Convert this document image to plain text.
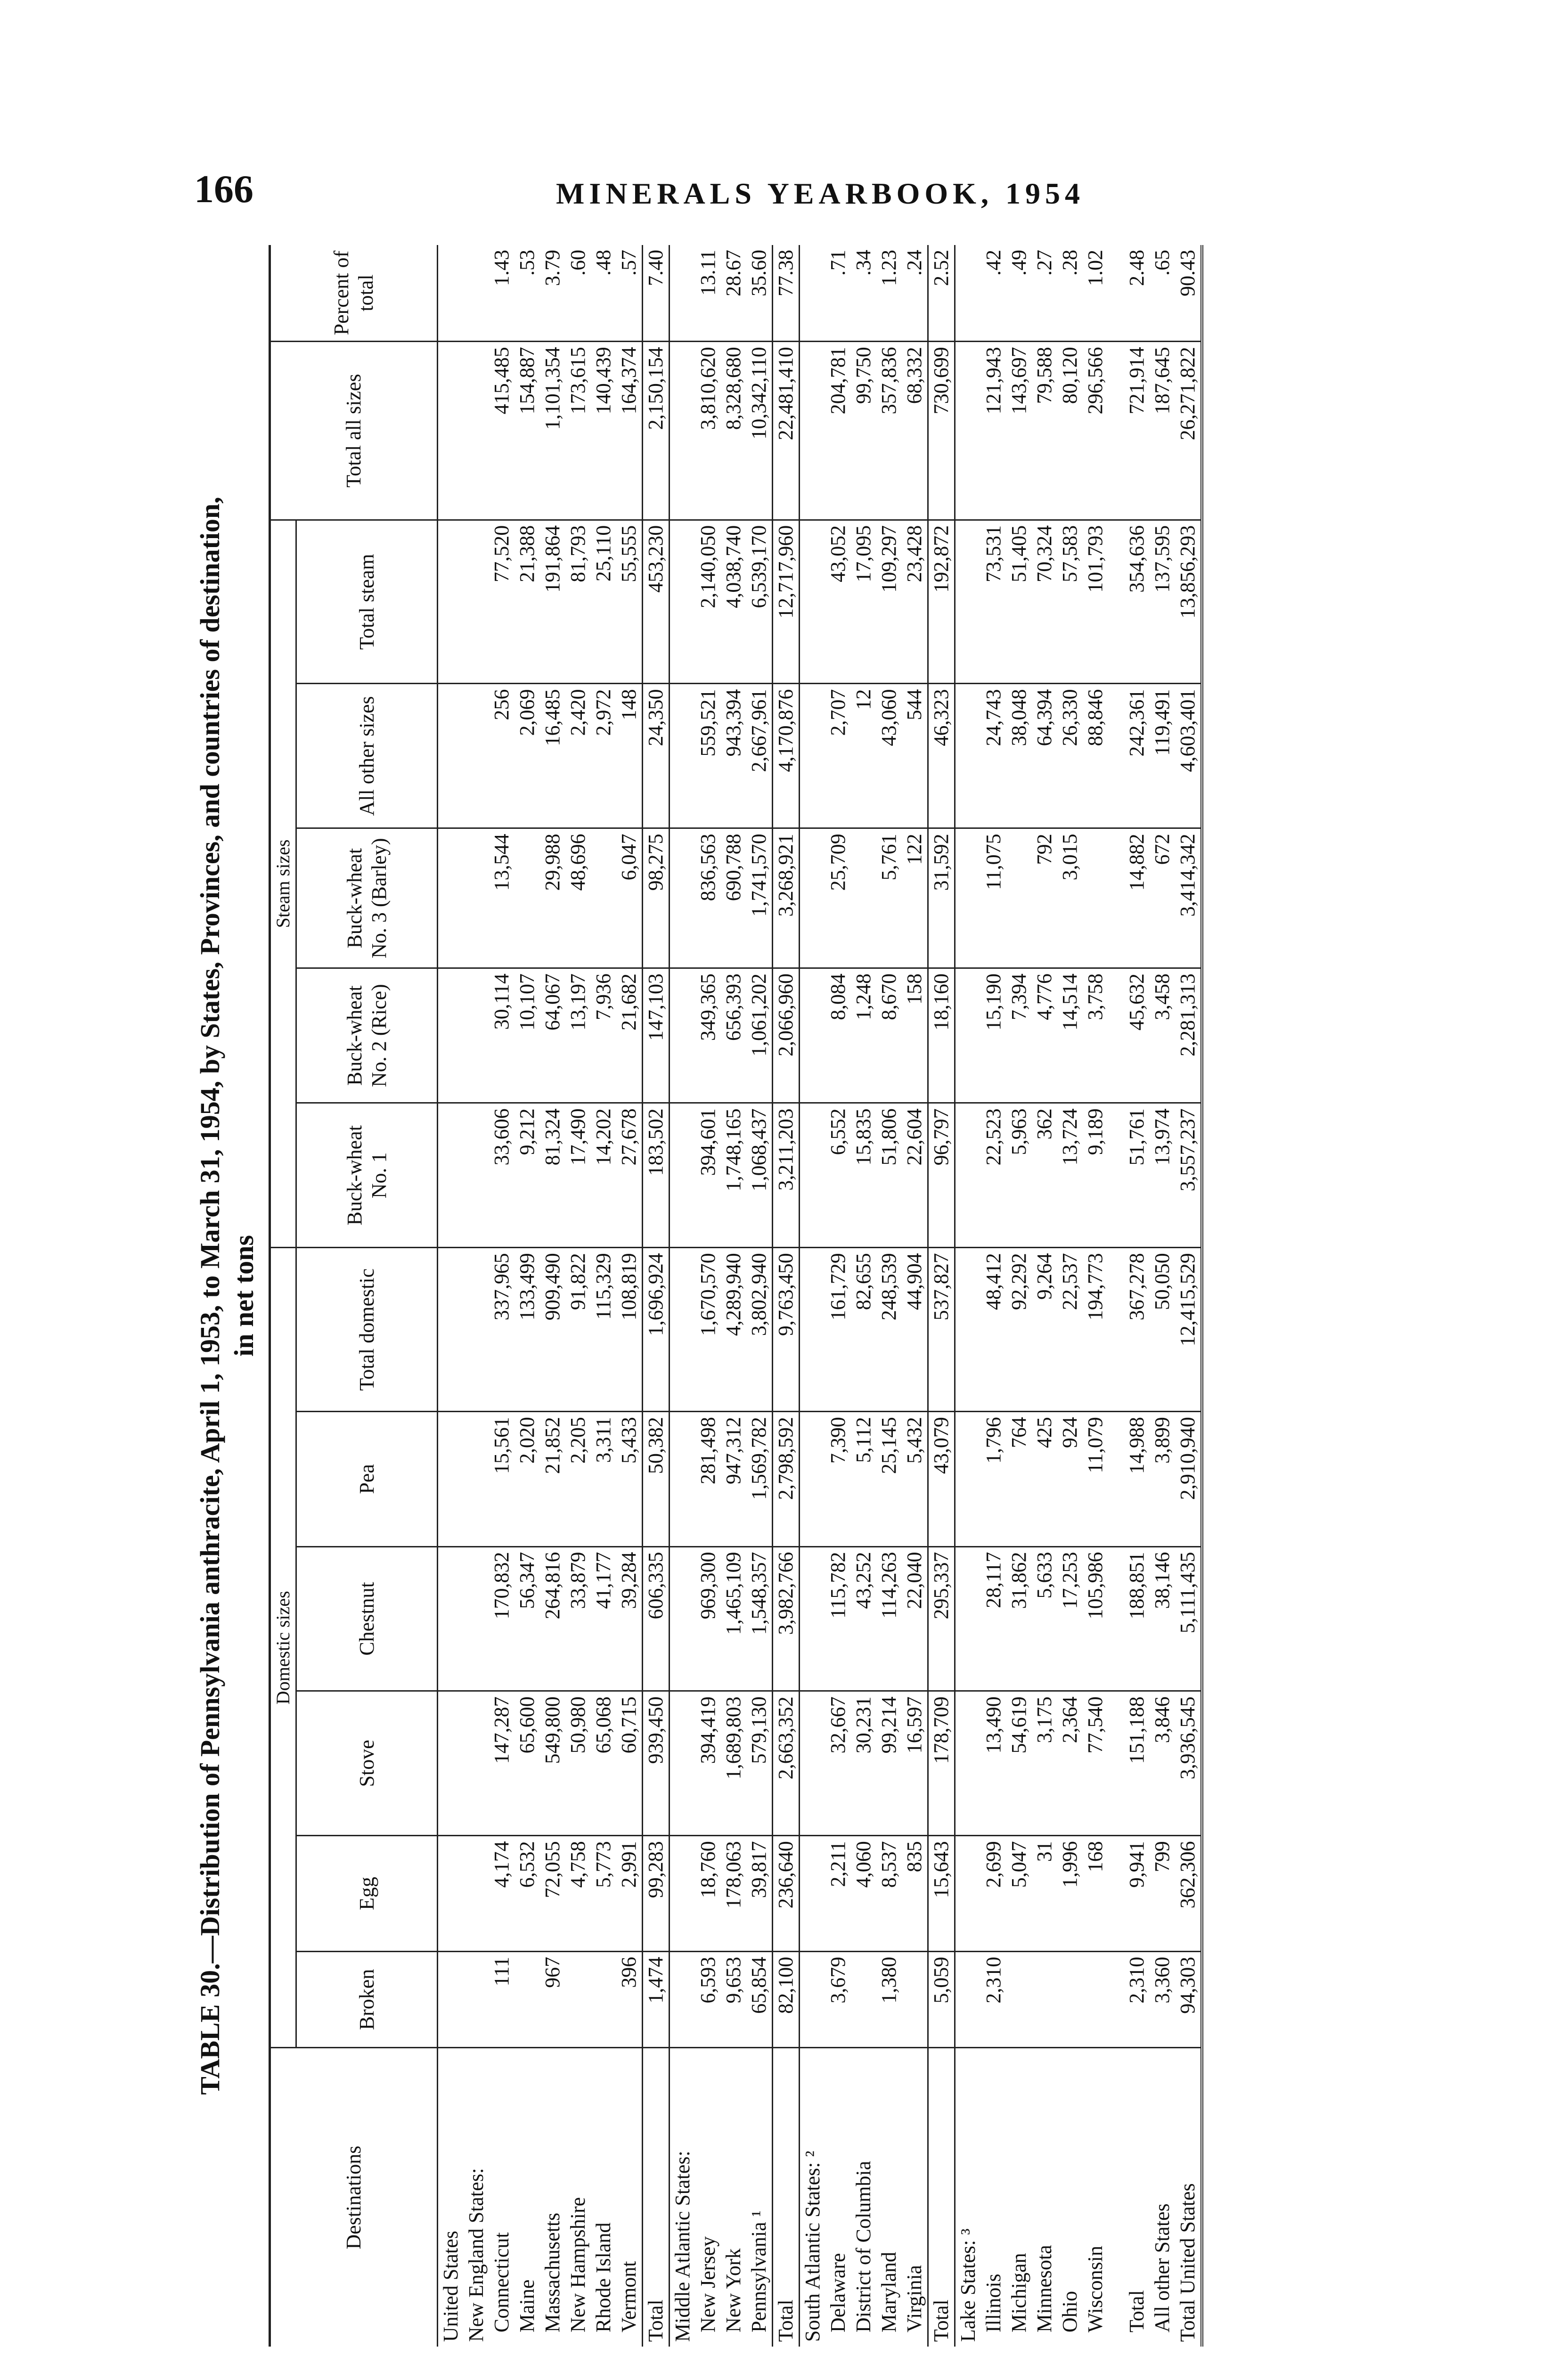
166	MINERALS YEARBOOK, 1954
TABLE 30.—Distribution of Pennsylvania anthracite, April 1, 1953, to March 31, 1954, by States, Provinces, and countries of destination, in net tons
Destinations	Domestic sizes						Steam sizes					Total all sizes	Percent of total
	Broken	Egg	Stove	Chestnut	Pea	Total domestic	Buck-wheat No. 1	Buck-wheat No. 2 (Rice)	Buck-wheat No. 3 (Barley)	All other sizes	Total steam		
United States													
New England States:													
Connecticut	111	4,174	147,287	170,832	15,561	337,965	33,606	30,114	13,544	256	77,520	415,485	1.43
Maine		6,532	65,600	56,347	2,020	133,499	9,212	10,107		2,069	21,388	154,887	.53
Massachusetts	967	72,055	549,800	264,816	21,852	909,490	81,324	64,067	29,988	16,485	191,864	1,101,354	3.79
New Hampshire		4,758	50,980	33,879	2,205	91,822	17,490	13,197	48,696	2,420	81,793	173,615	.60
Rhode Island		5,773	65,068	41,177	3,311	115,329	14,202	7,936		2,972	25,110	140,439	.48
Vermont	396	2,991	60,715	39,284	5,433	108,819	27,678	21,682	6,047	148	55,555	164,374	.57
Total	1,474	99,283	939,450	606,335	50,382	1,696,924	183,502	147,103	98,275	24,350	453,230	2,150,154	7.40
Middle Atlantic States:													
New Jersey	6,593	18,760	394,419	969,300	281,498	1,670,570	394,601	349,365	836,563	559,521	2,140,050	3,810,620	13.11
New York	9,653	178,063	1,689,803	1,465,109	947,312	4,289,940	1,748,165	656,393	690,788	943,394	4,038,740	8,328,680	28.67
Pennsylvania ¹	65,854	39,817	579,130	1,548,357	1,569,782	3,802,940	1,068,437	1,061,202	1,741,570	2,667,961	6,539,170	10,342,110	35.60
Total	82,100	236,640	2,663,352	3,982,766	2,798,592	9,763,450	3,211,203	2,066,960	3,268,921	4,170,876	12,717,960	22,481,410	77.38
South Atlantic States: ²													
Delaware	3,679	2,211	32,667	115,782	7,390	161,729	6,552	8,084	25,709	2,707	43,052	204,781	.71
District of Columbia		4,060	30,231	43,252	5,112	82,655	15,835	1,248		12	17,095	99,750	.34
Maryland	1,380	8,537	99,214	114,263	25,145	248,539	51,806	8,670	5,761	43,060	109,297	357,836	1.23
Virginia		835	16,597	22,040	5,432	44,904	22,604	158	122	544	23,428	68,332	.24
Total	5,059	15,643	178,709	295,337	43,079	537,827	96,797	18,160	31,592	46,323	192,872	730,699	2.52
Lake States: ³													
Illinois	2,310	2,699	13,490	28,117	1,796	48,412	22,523	15,190	11,075	24,743	73,531	121,943	.42
Michigan		5,047	54,619	31,862	764	92,292	5,963	7,394		38,048	51,405	143,697	.49
Minnesota		31	3,175	5,633	425	9,264	362	4,776	792	64,394	70,324	79,588	.27
Ohio		1,996	2,364	17,253	924	22,537	13,724	14,514	3,015	26,330	57,583	80,120	.28
Wisconsin		168	77,540	105,986	11,079	194,773	9,189	3,758		88,846	101,793	296,566	1.02

Total	2,310	9,941	151,188	188,851	14,988	367,278	51,761	45,632	14,882	242,361	354,636	721,914	2.48
All other States	3,360	799	3,846	38,146	3,899	50,050	13,974	3,458	672	119,491	137,595	187,645	.65
Total United States	94,303	362,306	3,936,545	5,111,435	2,910,940	12,415,529	3,557,237	2,281,313	3,414,342	4,603,401	13,856,293	26,271,822	90.43
